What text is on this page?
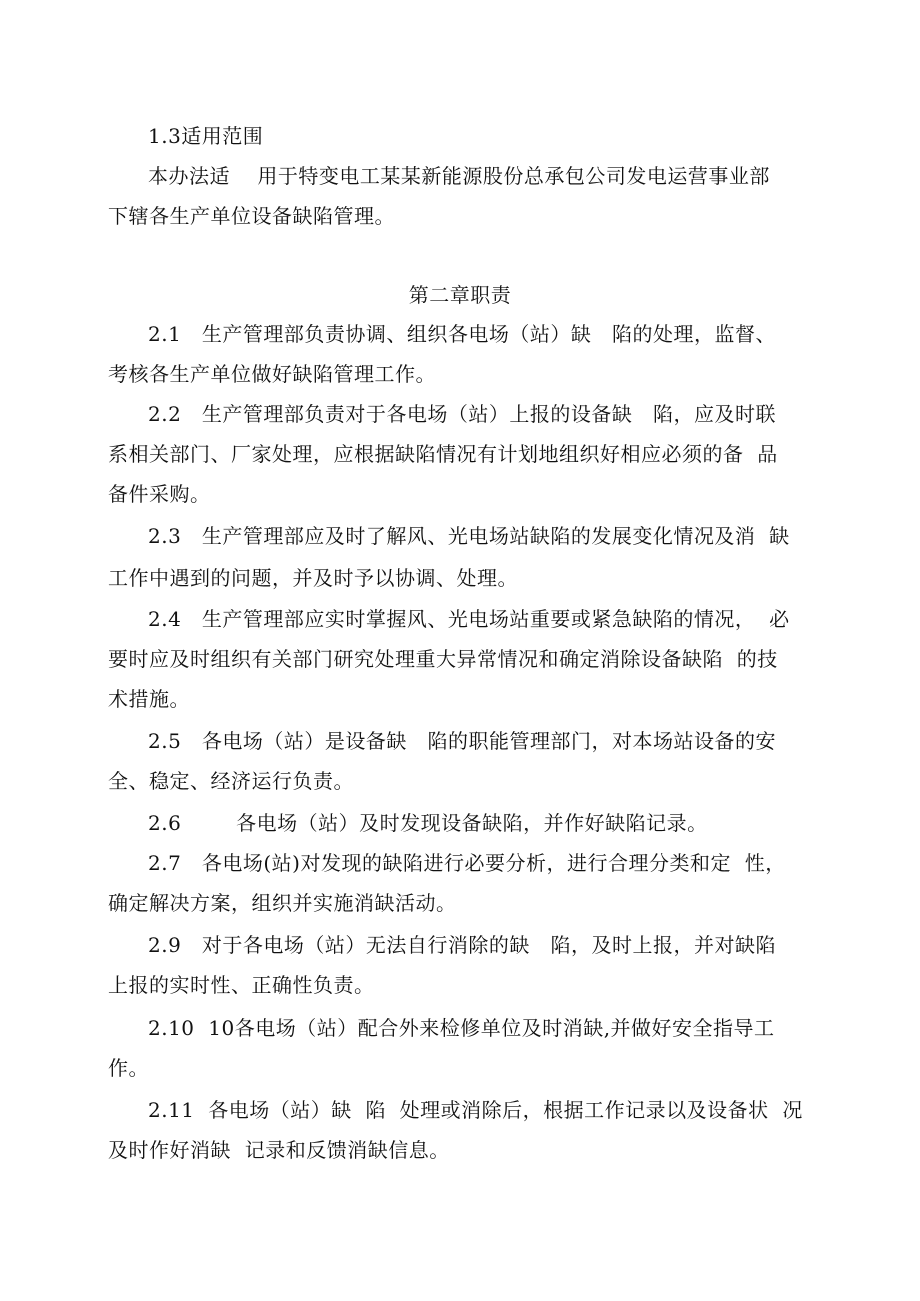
1.3适用范围
本办法适    用于特变电工某某新能源股份总承包公司发电运营事业部
下辖各生产单位设备缺陷管理。
第二章职责
2.1   生产管理部负责协调、组织各电场（站）缺   陷的处理，监督、
考核各生产单位做好缺陷管理工作。
2.2   生产管理部负责对于各电场（站）上报的设备缺   陷，应及时联
系相关部门、厂家处理，应根据缺陷情况有计划地组织好相应必须的备  品
备件采购。
2.3   生产管理部应及时了解风、光电场站缺陷的发展变化情况及消  缺
工作中遇到的问题，并及时予以协调、处理。
2.4   生产管理部应实时掌握风、光电场站重要或紧急缺陷的情况，  必
要时应及时组织有关部门研究处理重大异常情况和确定消除设备缺陷  的技
术措施。
2.5   各电场（站）是设备缺   陷的职能管理部门，对本场站设备的安
全、稳定、经济运行负责。
2.6        各电场（站）及时发现设备缺陷，并作好缺陷记录。
2.7   各电场(站)对发现的缺陷进行必要分析，进行合理分类和定  性，
确定解决方案，组织并实施消缺活动。
2.9   对于各电场（站）无法自行消除的缺   陷，及时上报，并对缺陷
上报的实时性、正确性负责。
2.10  10各电场（站）配合外来检修单位及时消缺,并做好安全指导工
作。
2.11  各电场（站）缺  陷  处理或消除后，根据工作记录以及设备状  况
及时作好消缺  记录和反馈消缺信息。
